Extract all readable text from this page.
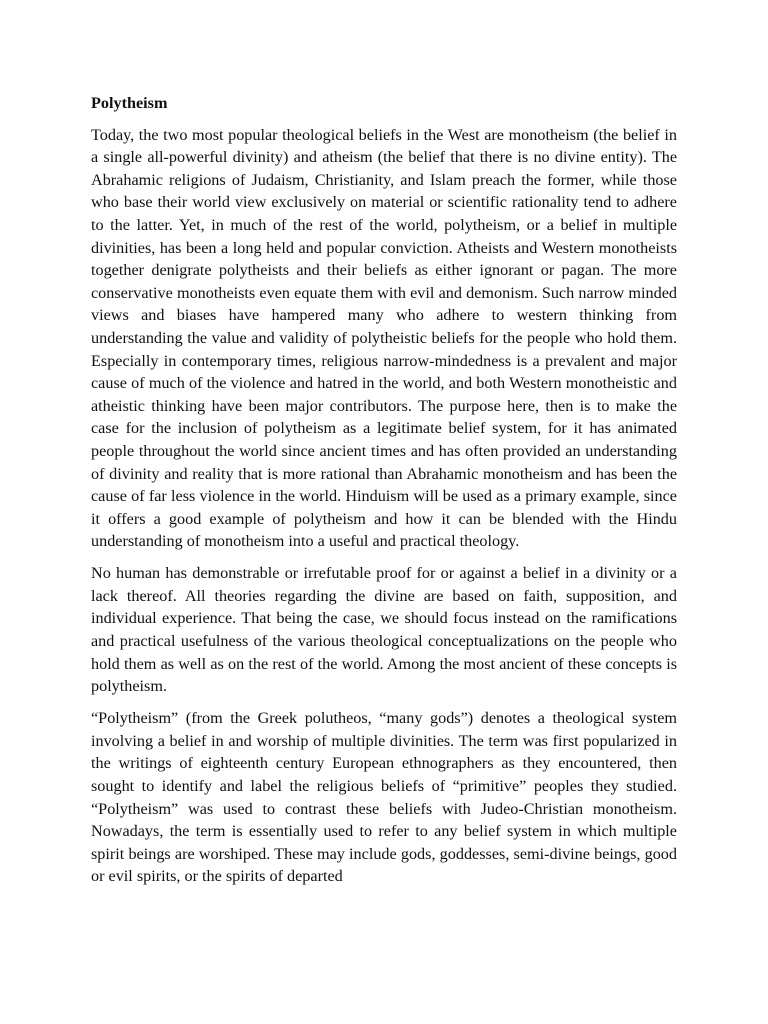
Polytheism

Today, the two most popular theological beliefs in the West are monotheism (the belief in a single all-powerful divinity) and atheism (the belief that there is no divine entity). The Abrahamic religions of Judaism, Christianity, and Islam preach the former, while those who base their world view exclusively on material or scientific rationality tend to adhere to the latter. Yet, in much of the rest of the world, polytheism, or a belief in multiple divinities, has been a long held and popular conviction. Atheists and Western monotheists together denigrate polytheists and their beliefs as either ignorant or pagan. The more conservative monotheists even equate them with evil and demonism. Such narrow minded views and biases have hampered many who adhere to western thinking from understanding the value and validity of polytheistic beliefs for the people who hold them. Especially in contemporary times, religious narrow-mindedness is a prevalent and major cause of much of the violence and hatred in the world, and both Western monotheistic and atheistic thinking have been major contributors. The purpose here, then is to make the case for the inclusion of polytheism as a legitimate belief system, for it has animated people throughout the world since ancient times and has often provided an understanding of divinity and reality that is more rational than Abrahamic monotheism and has been the cause of far less violence in the world. Hinduism will be used as a primary example, since it offers a good example of polytheism and how it can be blended with the Hindu understanding of monotheism into a useful and practical theology.

No human has demonstrable or irrefutable proof for or against a belief in a divinity or a lack thereof. All theories regarding the divine are based on faith, supposition, and individual experience. That being the case, we should focus instead on the ramifications and practical usefulness of the various theological conceptualizations on the people who hold them as well as on the rest of the world. Among the most ancient of these concepts is polytheism.

“Polytheism” (from the Greek polutheos, “many gods”) denotes a theological system involving a belief in and worship of multiple divinities. The term was first popularized in the writings of eighteenth century European ethnographers as they encountered, then sought to identify and label the religious beliefs of “primitive” peoples they studied. “Polytheism” was used to contrast these beliefs with Judeo-Christian monotheism. Nowadays, the term is essentially used to refer to any belief system in which multiple spirit beings are worshiped. These may include gods, goddesses, semi-divine beings, good or evil spirits, or the spirits of departed
